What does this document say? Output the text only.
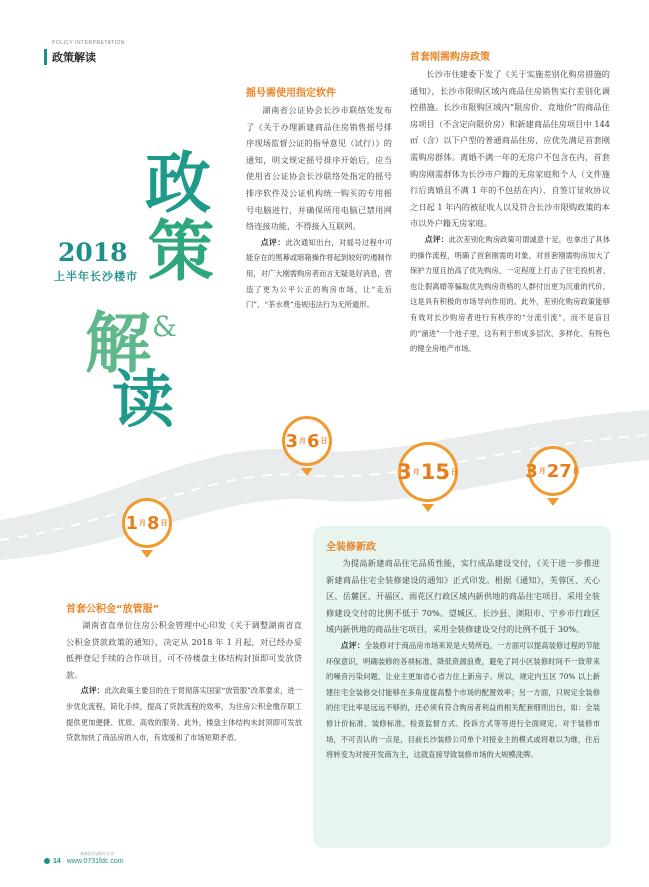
POLICY INTERPRETATION
政策解读
政
策
2018
上半年长沙楼市
解 &
读
摇号需使用指定软件
湖南省公证协会长沙市联络处发布了《关于办理新建商品住房销售摇号排序现场监督公证的指导意见（试行）》的通知，明文规定摇号排序开始后，应当使用省公证协会长沙联络处指定的摇号排序软件及公证机构统一购买的专用摇号电脑进行，并确保所用电脑已禁用网络连接功能，不得接入互联网。
点评：此次通知出台，对摇号过程中可能存在的黑幕或暗箱操作将起到较好的遏制作用，对广大刚需购房者而言无疑是好消息，营造了更为公平公正的购房市场，让“走后门”、“茶水费”违规违法行为无所遁形。
首套刚需购房政策
长沙市住建委下发了《关于实施差别化购房措施的通知》，长沙市限购区域内商品住房销售实行差别化调控措施。长沙市限购区域内“限房价、竞地价”的商品住房项目（不含定向限价房）和新建商品住房项目中 144 ㎡（含）以下户型的普通商品住房，应优先满足首套刚需购房群体。离婚不满一年的无房户不包含在内，首套购房刚需群体为长沙市户籍的无房家庭和个人（文件施行后离婚且不满 1 年的不包括在内）、自签订征收协议之日起 1 年内的被征收人以及符合长沙市限购政策的本市以外户籍无房家庭。
点评：此次差别化购房政策可谓诚意十足，也拿出了具体的操作流程，明确了首套刚需的对象，对首套刚需购房加大了保护力度且抬高了优先购房，一定程度上打击了住宅投机者，也让假离婚等骗取优先购房资格的人群付出更为沉重的代价，这是具有积极的市场导向作用的。此外，差别化购房政策能够有效对长沙购房者进行有秩序的“分流引流”，而不是盲目的“涌进”一个池子里，这有利于形成多层次、多样化、有特色的健全房地产市场。
1 月 8 日
3 月 6 日
3 月 15 日	3 月 27 日
首套公积金“放管服”
湖南省直单位住房公积金管理中心印发《关于调整湖南省直公积金贷款政策的通知》，决定从 2018 年 1 月起，对已经办妥抵押登记手续的合作项目，可不待楼盘主体结构封顶即可发放贷款。
点评：此次政策主要目的在于贯彻落实国家“放管服”改革要求，进一步优化流程，简化手续，提高了贷款流程的效率，为住房公积金缴存职工提供更加便捷、优质、高效的服务。此外，楼盘主体结构未封顶即可发放贷款加快了商品房的入市，有效缓和了市场短期矛盾。
全装修新政
为提高新建商品住宅品质性能，实行成品建设交付，《关于进一步推进新建商品住宅全装修建设的通知》正式印发。根据《通知》，芙蓉区、天心区、岳麓区、开福区、雨花区行政区域内新供地的商品住宅项目，采用全装修建设交付的比例不低于 70%。望城区、长沙县、浏阳市、宁乡市行政区域内新供地的商品住宅项目，采用全装修建设交付的比例不低于 30%。
点评：全装修对于商品房市场来说是大势所趋，一方面可以提高装修过程的节能环保意识，明确装修的各项标准，降低资源浪费，避免了同小区装修时间不一致带来的噪音污染问题，让业主更加省心省力住上新房子。所以，规定内五区 70% 以上新建住宅全装修交付能够在多角度提高整个市场的配置效率；另一方面，只规定全装修的住宅比率是远远不够的，还必须有符合购房者利益的相关配套细则出台，如：全装修计价标准、装修标准、检查监督方式、投诉方式等等进行全面规定。对于装修市场，不可否认的一点是，目前长沙装修公司单个对接业主的模式或将难以为继，往后将转变为对接开发商为主，这就直接导致装修市场的大规模洗牌。
14
商务报告|湖南·长沙
www.0731fdc.com
